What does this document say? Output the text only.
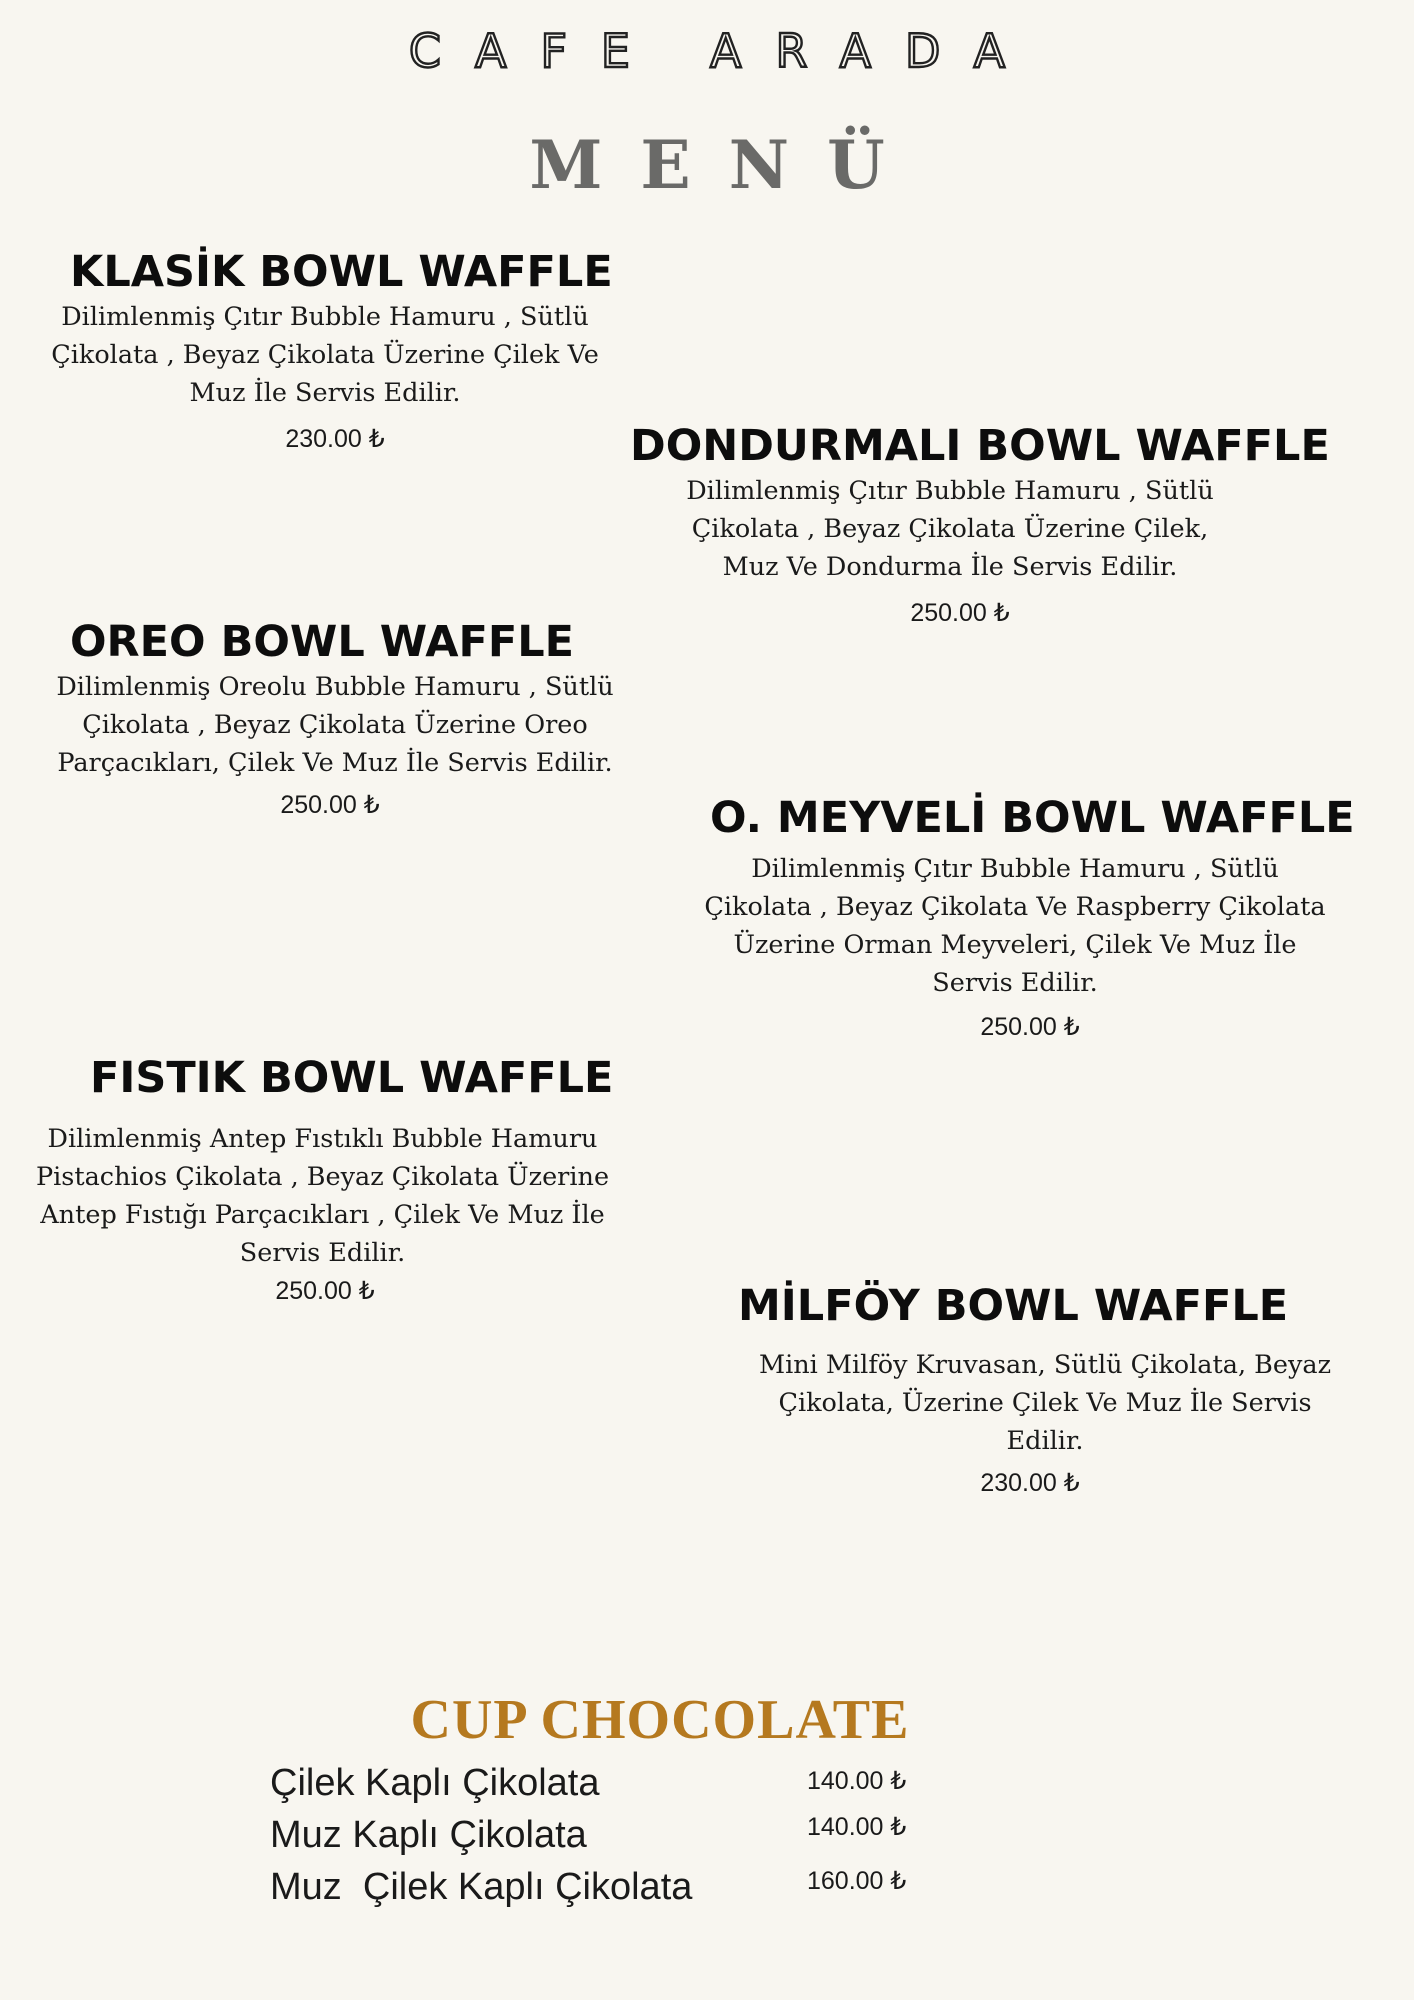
CAFE ARADA
MENÜ
KLASİK BOWL WAFFLE
Dilimlenmiş Çıtır Bubble Hamuru , Sütlü
Çikolata , Beyaz Çikolata Üzerine Çilek Ve
Muz İle Servis Edilir.
230.00 ₺	DONDURMALI BOWL WAFFLE
Dilimlenmiş Çıtır Bubble Hamuru , Sütlü
Çikolata , Beyaz Çikolata Üzerine Çilek,
Muz Ve Dondurma İle Servis Edilir.
250.00 ₺
OREO BOWL WAFFLE
Dilimlenmiş Oreolu Bubble Hamuru , Sütlü
Çikolata , Beyaz Çikolata Üzerine Oreo
Parçacıkları, Çilek Ve Muz İle Servis Edilir.
250.00 ₺	O. MEYVELİ BOWL WAFFLE
Dilimlenmiş Çıtır Bubble Hamuru , Sütlü
Çikolata , Beyaz Çikolata Ve Raspberry Çikolata
Üzerine Orman Meyveleri, Çilek Ve Muz İle
Servis Edilir.
250.00 ₺
FISTIK BOWL WAFFLE
Dilimlenmiş Antep Fıstıklı Bubble Hamuru
Pistachios Çikolata , Beyaz Çikolata Üzerine
Antep Fıstığı Parçacıkları , Çilek Ve Muz İle
Servis Edilir.
250.00 ₺	MİLFÖY BOWL WAFFLE
Mini Milföy Kruvasan, Sütlü Çikolata, Beyaz
Çikolata, Üzerine Çilek Ve Muz İle Servis
Edilir.
230.00 ₺
CUP CHOCOLATE
Çilek Kaplı Çikolata	140.00 ₺
Muz Kaplı Çikolata	140.00 ₺
Muz  Çilek Kaplı Çikolata	160.00 ₺
